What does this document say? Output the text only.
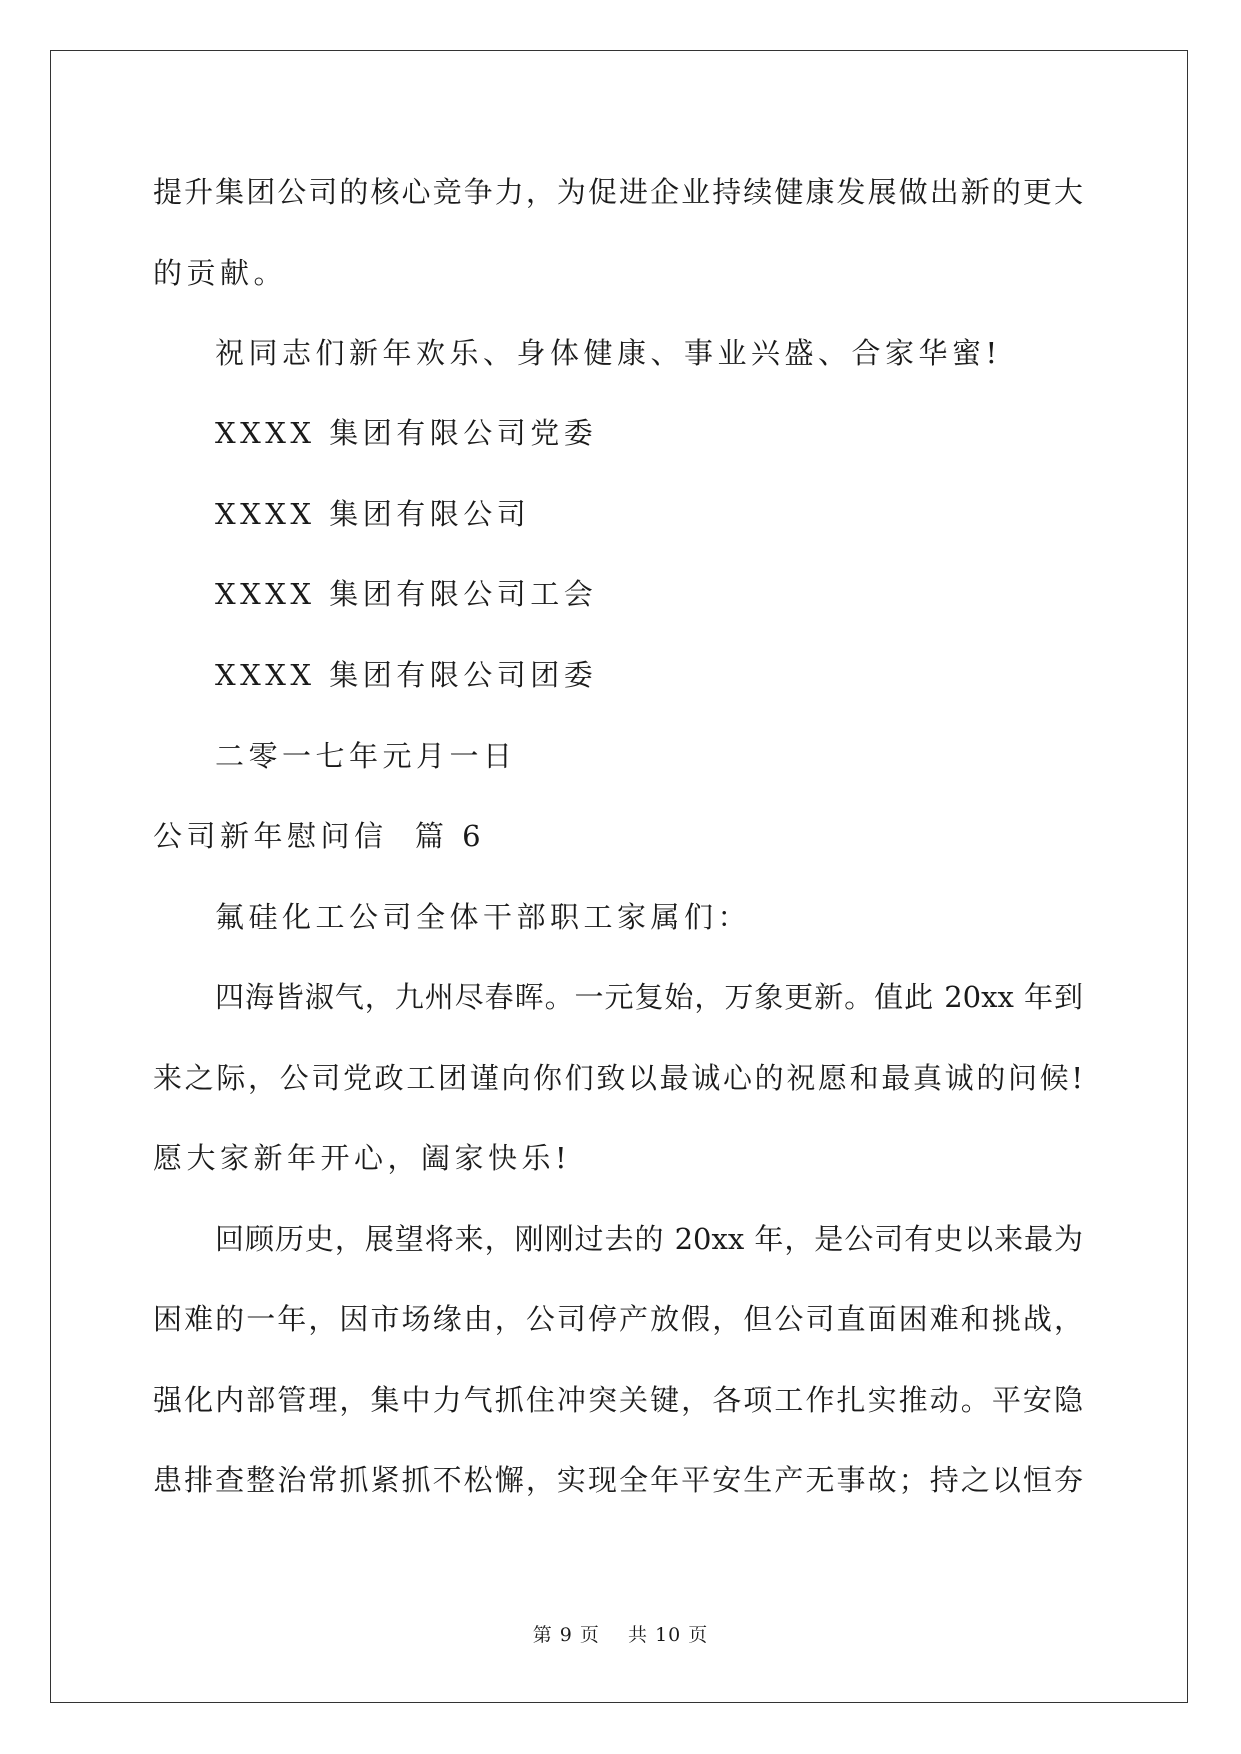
提升集团公司的核心竞争力，为促进企业持续健康发展做出新的更大
的贡献。
祝同志们新年欢乐、身体健康、事业兴盛、合家华蜜!
XXXX 集团有限公司党委
XXXX 集团有限公司
XXXX 集团有限公司工会
XXXX 集团有限公司团委
二零一七年元月一日
公司新年慰问信  篇 6
氟硅化工公司全体干部职工家属们：
四海皆淑气，九州尽春晖。一元复始，万象更新。值此 20xx 年到
来之际，公司党政工团谨向你们致以最诚心的祝愿和最真诚的问候!
愿大家新年开心，阖家快乐!
回顾历史，展望将来，刚刚过去的 20xx 年，是公司有史以来最为
困难的一年，因市场缘由，公司停产放假，但公司直面困难和挑战，
强化内部管理，集中力气抓住冲突关键，各项工作扎实推动。平安隐
患排查整治常抓紧抓不松懈，实现全年平安生产无事故；持之以恒夯
第 9 页    共 10 页
